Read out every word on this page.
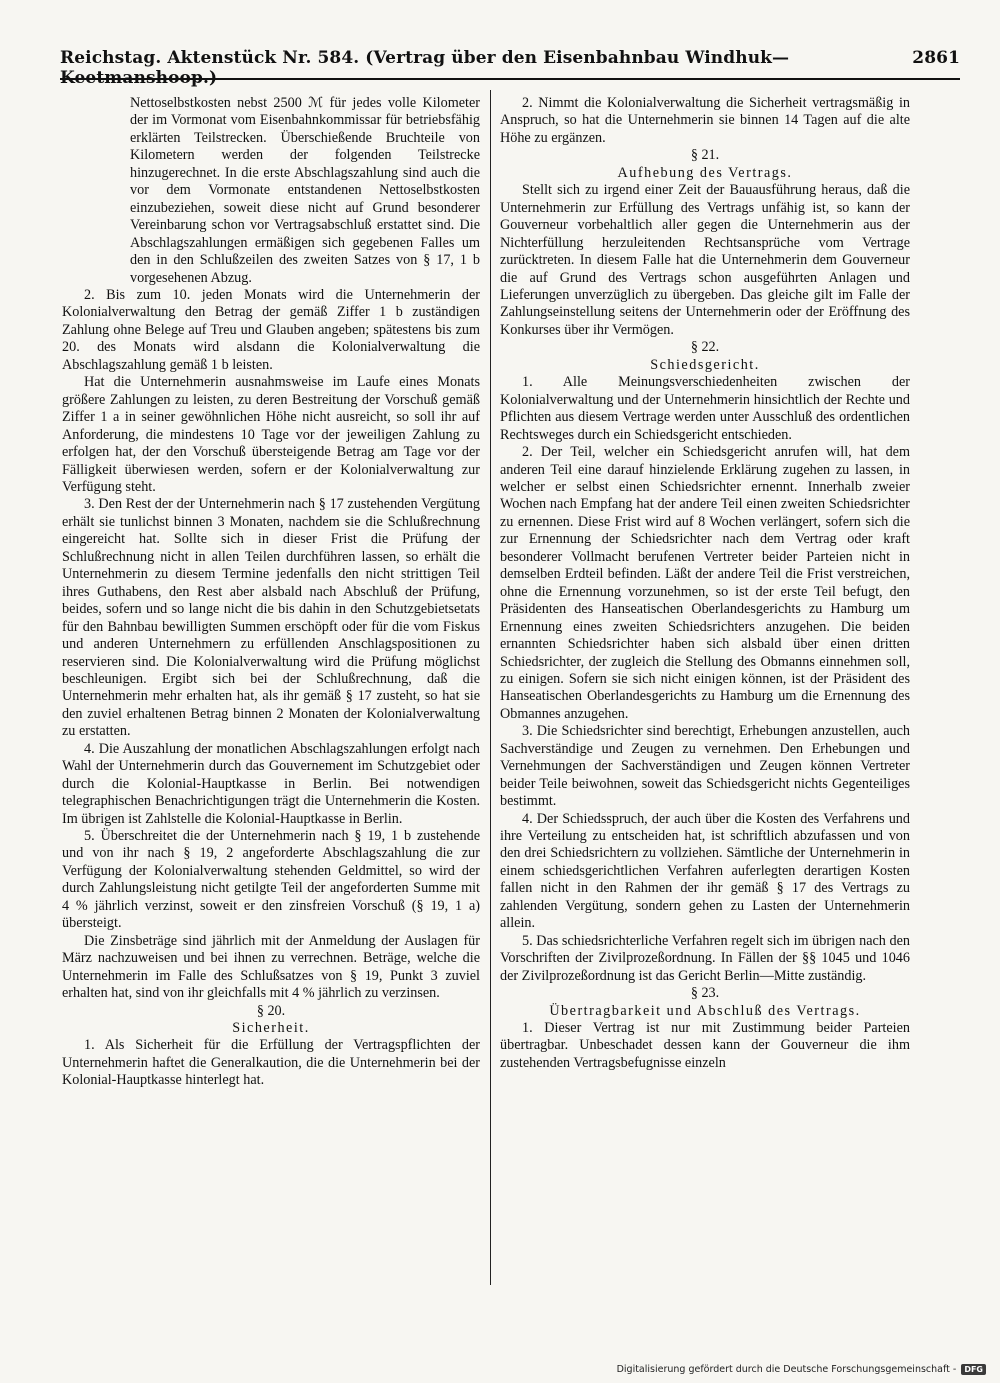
Reichstag. Aktenstück Nr. 584. (Vertrag über den Eisenbahnbau Windhuk—Keetmanshoop.)
2861

Nettoselbstkosten nebst 2500 ℳ für jedes volle Kilometer der im Vormonat vom Eisenbahnkommissar für betriebsfähig erklärten Teilstrecken. Überschießende Bruchteile von Kilometern werden der folgenden Teilstrecke hinzugerechnet. In die erste Abschlagszahlung sind auch die vor dem Vormonate entstandenen Nettoselbstkosten einzubeziehen, soweit diese nicht auf Grund besonderer Vereinbarung schon vor Vertragsabschluß erstattet sind. Die Abschlagszahlungen ermäßigen sich gegebenen Falles um den in den Schlußzeilen des zweiten Satzes von § 17, 1 b vorgesehenen Abzug.

2. Bis zum 10. jeden Monats wird die Unternehmerin der Kolonialverwaltung den Betrag der gemäß Ziffer 1 b zuständigen Zahlung ohne Belege auf Treu und Glauben angeben; spätestens bis zum 20. des Monats wird alsdann die Kolonialverwaltung die Abschlagszahlung gemäß 1 b leisten.

Hat die Unternehmerin ausnahmsweise im Laufe eines Monats größere Zahlungen zu leisten, zu deren Bestreitung der Vorschuß gemäß Ziffer 1 a in seiner gewöhnlichen Höhe nicht ausreicht, so soll ihr auf Anforderung, die mindestens 10 Tage vor der jeweiligen Zahlung zu erfolgen hat, der den Vorschuß übersteigende Betrag am Tage vor der Fälligkeit überwiesen werden, sofern er der Kolonialverwaltung zur Verfügung steht.

3. Den Rest der der Unternehmerin nach § 17 zustehenden Vergütung erhält sie tunlichst binnen 3 Monaten, nachdem sie die Schlußrechnung eingereicht hat. Sollte sich in dieser Frist die Prüfung der Schlußrechnung nicht in allen Teilen durchführen lassen, so erhält die Unternehmerin zu diesem Termine jedenfalls den nicht strittigen Teil ihres Guthabens, den Rest aber alsbald nach Abschluß der Prüfung, beides, sofern und so lange nicht die bis dahin in den Schutzgebietsetats für den Bahnbau bewilligten Summen erschöpft oder für die vom Fiskus und anderen Unternehmern zu erfüllenden Anschlagspositionen zu reservieren sind. Die Kolonialverwaltung wird die Prüfung möglichst beschleunigen. Ergibt sich bei der Schlußrechnung, daß die Unternehmerin mehr erhalten hat, als ihr gemäß § 17 zusteht, so hat sie den zuviel erhaltenen Betrag binnen 2 Monaten der Kolonialverwaltung zu erstatten.

4. Die Auszahlung der monatlichen Abschlagszahlungen erfolgt nach Wahl der Unternehmerin durch das Gouvernement im Schutzgebiet oder durch die Kolonial-Hauptkasse in Berlin. Bei notwendigen telegraphischen Benachrichtigungen trägt die Unternehmerin die Kosten. Im übrigen ist Zahlstelle die Kolonial-Hauptkasse in Berlin.

5. Überschreitet die der Unternehmerin nach § 19, 1 b zustehende und von ihr nach § 19, 2 angeforderte Abschlagszahlung die zur Verfügung der Kolonialverwaltung stehenden Geldmittel, so wird der durch Zahlungsleistung nicht getilgte Teil der angeforderten Summe mit 4 % jährlich verzinst, soweit er den zinsfreien Vorschuß (§ 19, 1 a) übersteigt.

Die Zinsbeträge sind jährlich mit der Anmeldung der Auslagen für März nachzuweisen und bei ihnen zu verrechnen. Beträge, welche die Unternehmerin im Falle des Schlußsatzes von § 19, Punkt 3 zuviel erhalten hat, sind von ihr gleichfalls mit 4 % jährlich zu verzinsen.

§ 20.

Sicherheit.

1. Als Sicherheit für die Erfüllung der Vertragspflichten der Unternehmerin haftet die Generalkaution, die die Unternehmerin bei der Kolonial-Hauptkasse hinterlegt hat.

2. Nimmt die Kolonialverwaltung die Sicherheit vertragsmäßig in Anspruch, so hat die Unternehmerin sie binnen 14 Tagen auf die alte Höhe zu ergänzen.

§ 21.

Aufhebung des Vertrags.

Stellt sich zu irgend einer Zeit der Bauausführung heraus, daß die Unternehmerin zur Erfüllung des Vertrags unfähig ist, so kann der Gouverneur vorbehaltlich aller gegen die Unternehmerin aus der Nichterfüllung herzuleitenden Rechtsansprüche vom Vertrage zurücktreten. In diesem Falle hat die Unternehmerin dem Gouverneur die auf Grund des Vertrags schon ausgeführten Anlagen und Lieferungen unverzüglich zu übergeben. Das gleiche gilt im Falle der Zahlungseinstellung seitens der Unternehmerin oder der Eröffnung des Konkurses über ihr Vermögen.

§ 22.

Schiedsgericht.

1. Alle Meinungsverschiedenheiten zwischen der Kolonialverwaltung und der Unternehmerin hinsichtlich der Rechte und Pflichten aus diesem Vertrage werden unter Ausschluß des ordentlichen Rechtsweges durch ein Schiedsgericht entschieden.

2. Der Teil, welcher ein Schiedsgericht anrufen will, hat dem anderen Teil eine darauf hinzielende Erklärung zugehen zu lassen, in welcher er selbst einen Schiedsrichter ernennt. Innerhalb zweier Wochen nach Empfang hat der andere Teil einen zweiten Schiedsrichter zu ernennen. Diese Frist wird auf 8 Wochen verlängert, sofern sich die zur Ernennung der Schiedsrichter nach dem Vertrag oder kraft besonderer Vollmacht berufenen Vertreter beider Parteien nicht in demselben Erdteil befinden. Läßt der andere Teil die Frist verstreichen, ohne die Ernennung vorzunehmen, so ist der erste Teil befugt, den Präsidenten des Hanseatischen Oberlandesgerichts zu Hamburg um Ernennung eines zweiten Schiedsrichters anzugehen. Die beiden ernannten Schiedsrichter haben sich alsbald über einen dritten Schiedsrichter, der zugleich die Stellung des Obmanns einnehmen soll, zu einigen. Sofern sie sich nicht einigen können, ist der Präsident des Hanseatischen Oberlandesgerichts zu Hamburg um die Ernennung des Obmannes anzugehen.

3. Die Schiedsrichter sind berechtigt, Erhebungen anzustellen, auch Sachverständige und Zeugen zu vernehmen. Den Erhebungen und Vernehmungen der Sachverständigen und Zeugen können Vertreter beider Teile beiwohnen, soweit das Schiedsgericht nichts Gegenteiliges bestimmt.

4. Der Schiedsspruch, der auch über die Kosten des Verfahrens und ihre Verteilung zu entscheiden hat, ist schriftlich abzufassen und von den drei Schiedsrichtern zu vollziehen. Sämtliche der Unternehmerin in einem schiedsgerichtlichen Verfahren auferlegten derartigen Kosten fallen nicht in den Rahmen der ihr gemäß § 17 des Vertrags zu zahlenden Vergütung, sondern gehen zu Lasten der Unternehmerin allein.

5. Das schiedsrichterliche Verfahren regelt sich im übrigen nach den Vorschriften der Zivilprozeßordnung. In Fällen der §§ 1045 und 1046 der Zivilprozeßordnung ist das Gericht Berlin—Mitte zuständig.

§ 23.

Übertragbarkeit und Abschluß des Vertrags.

1. Dieser Vertrag ist nur mit Zustimmung beider Parteien übertragbar. Unbeschadet dessen kann der Gouverneur die ihm zustehenden Vertragsbefugnisse einzeln

Digitalisierung gefördert durch die Deutsche Forschungsgemeinschaft -	DFG
